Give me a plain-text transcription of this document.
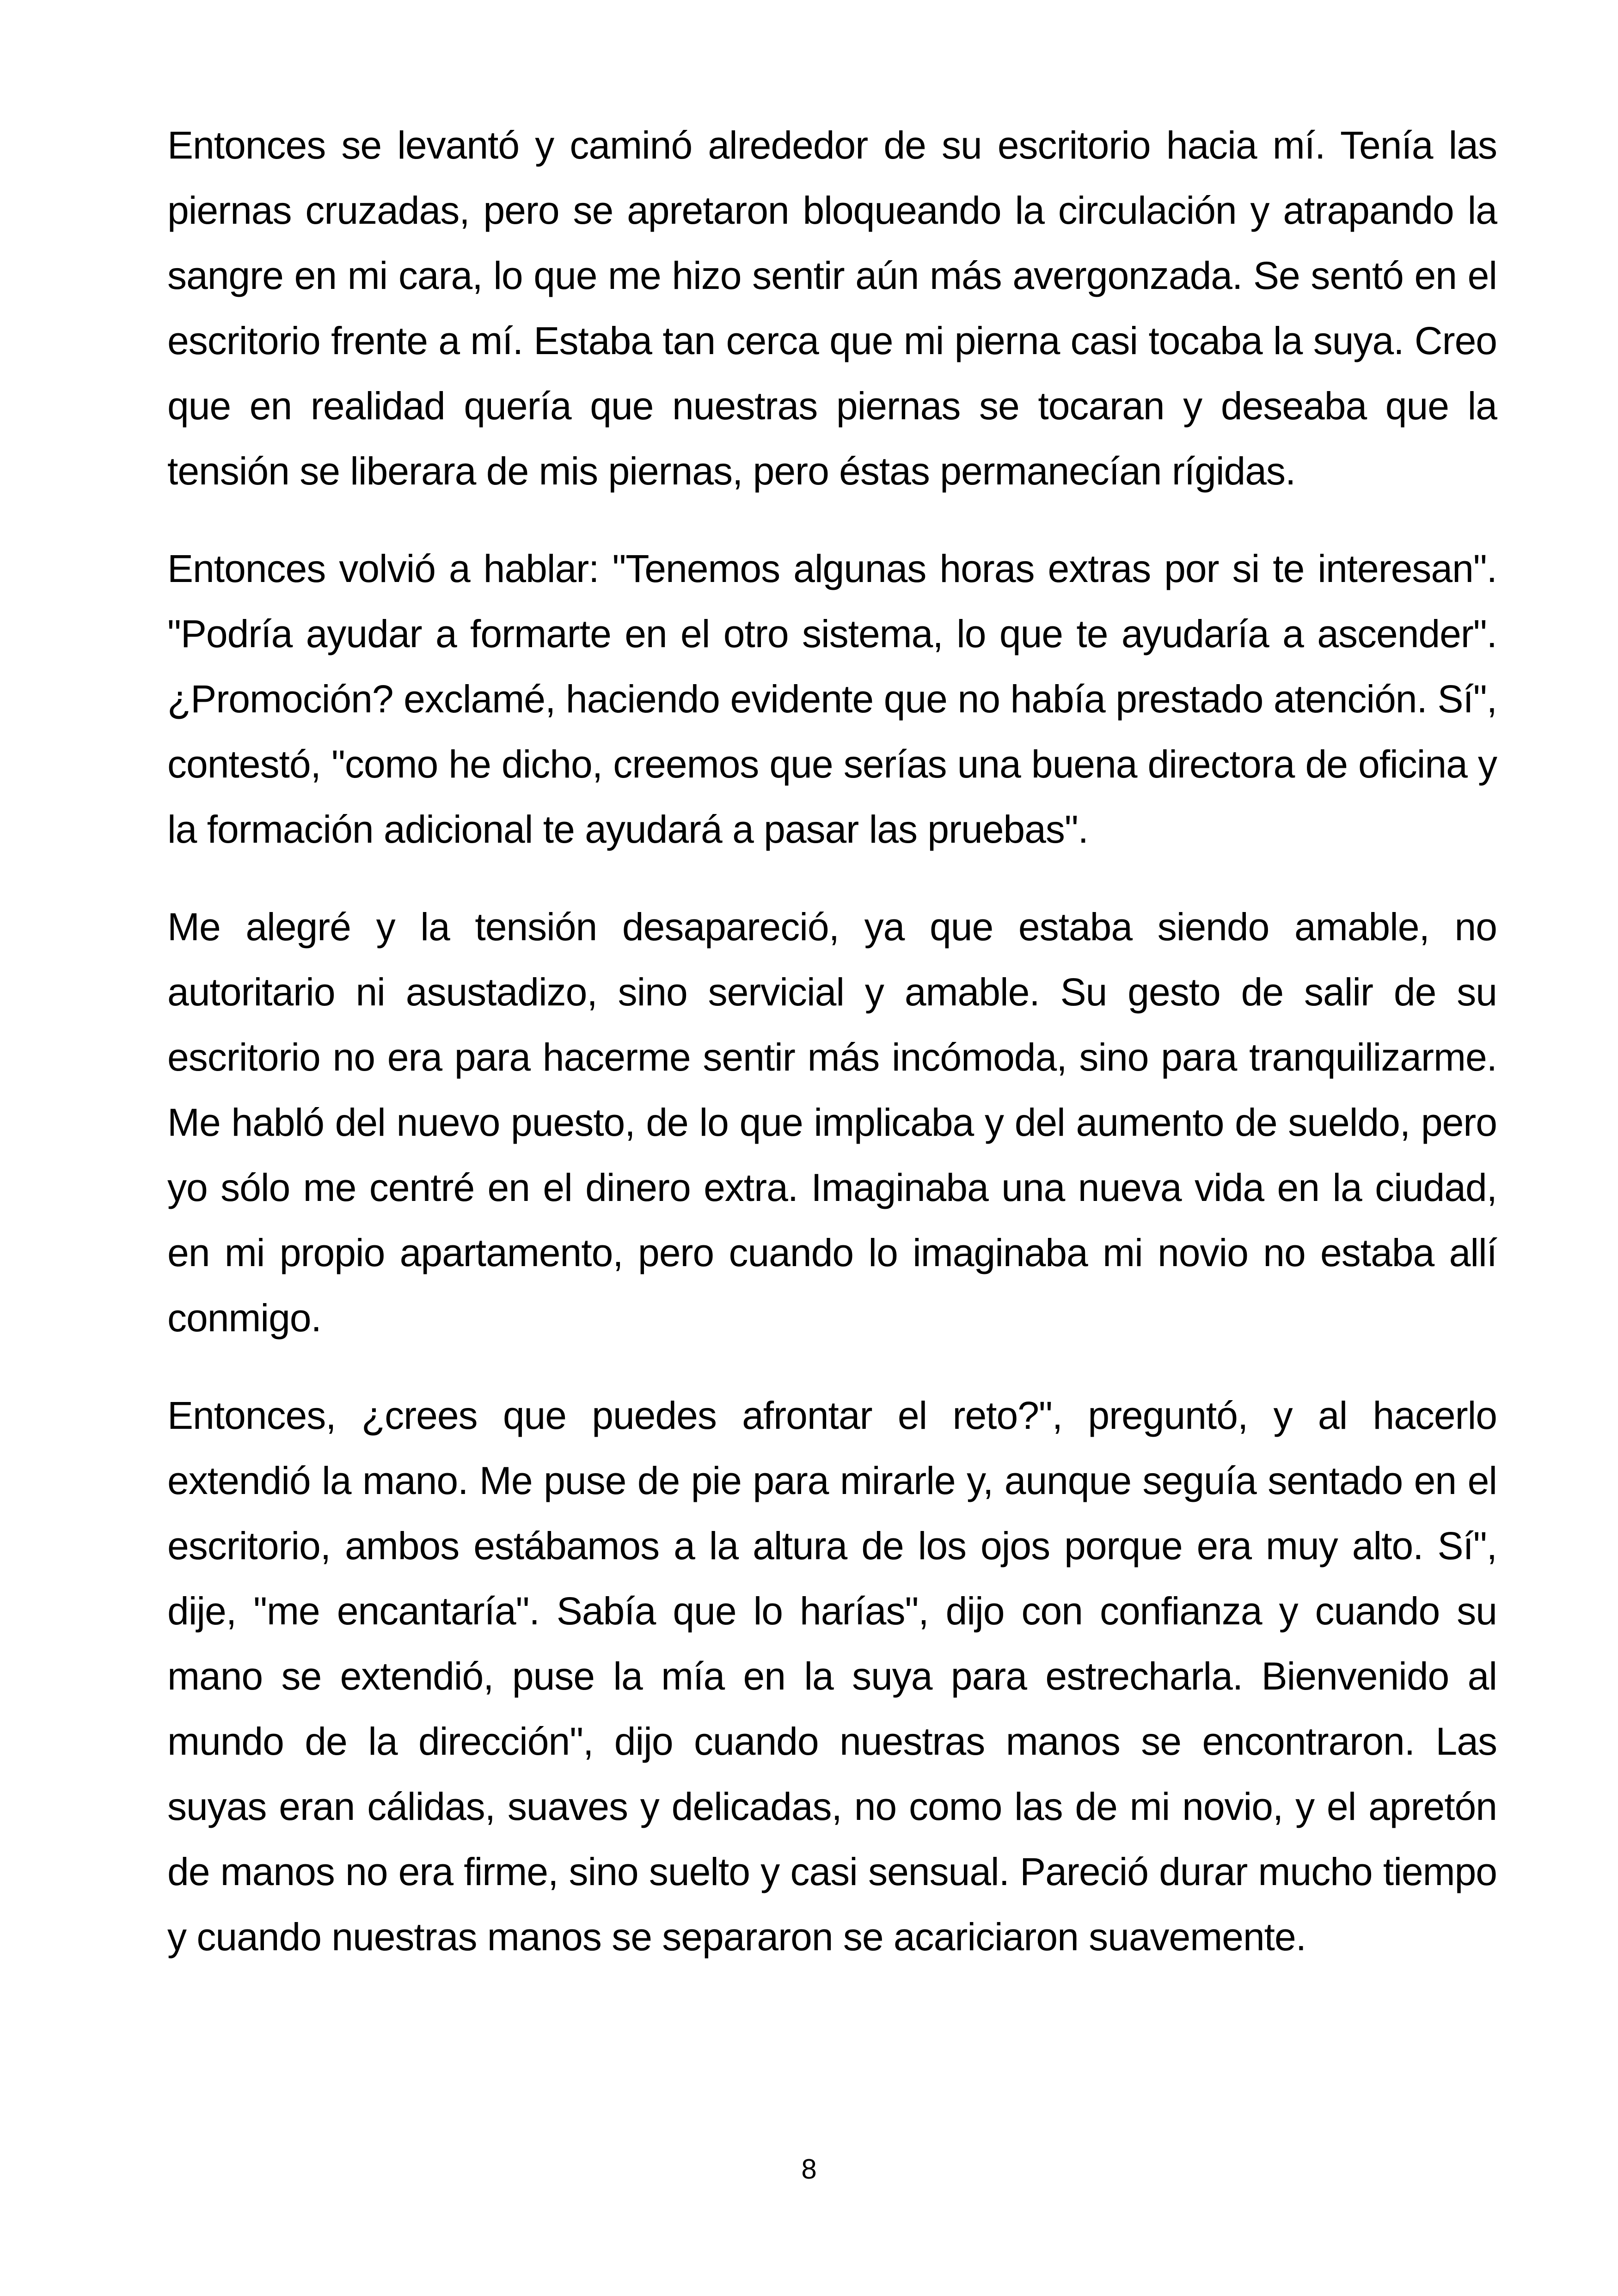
Entonces se levantó y caminó alrededor de su escritorio hacia mí. Tenía las piernas cruzadas, pero se apretaron bloqueando la circulación y atrapando la sangre en mi cara, lo que me hizo sentir aún más avergonzada. Se sentó en el escritorio frente a mí. Estaba tan cerca que mi pierna casi tocaba la suya. Creo que en realidad quería que nuestras piernas se tocaran y deseaba que la tensión se liberara de mis piernas, pero éstas permanecían rígidas.

Entonces volvió a hablar: "Tenemos algunas horas extras por si te interesan". "Podría ayudar a formarte en el otro sistema, lo que te ayudaría a ascender". ¿Promoción? exclamé, haciendo evidente que no había prestado atención. Sí", contestó, "como he dicho, creemos que serías una buena directora de oficina y la formación adicional te ayudará a pasar las pruebas".

Me alegré y la tensión desapareció, ya que estaba siendo amable, no autoritario ni asustadizo, sino servicial y amable. Su gesto de salir de su escritorio no era para hacerme sentir más incómoda, sino para tranquilizarme. Me habló del nuevo puesto, de lo que implicaba y del aumento de sueldo, pero yo sólo me centré en el dinero extra. Imaginaba una nueva vida en la ciudad, en mi propio apartamento, pero cuando lo imaginaba mi novio no estaba allí conmigo.

Entonces, ¿crees que puedes afrontar el reto?", preguntó, y al hacerlo extendió la mano. Me puse de pie para mirarle y, aunque seguía sentado en el escritorio, ambos estábamos a la altura de los ojos porque era muy alto. Sí", dije, "me encantaría". Sabía que lo harías", dijo con confianza y cuando su mano se extendió, puse la mía en la suya para estrecharla. Bienvenido al mundo de la dirección", dijo cuando nuestras manos se encontraron. Las suyas eran cálidas, suaves y delicadas, no como las de mi novio, y el apretón de manos no era firme, sino suelto y casi sensual. Pareció durar mucho tiempo y cuando nuestras manos se separaron se acariciaron suavemente.

8
